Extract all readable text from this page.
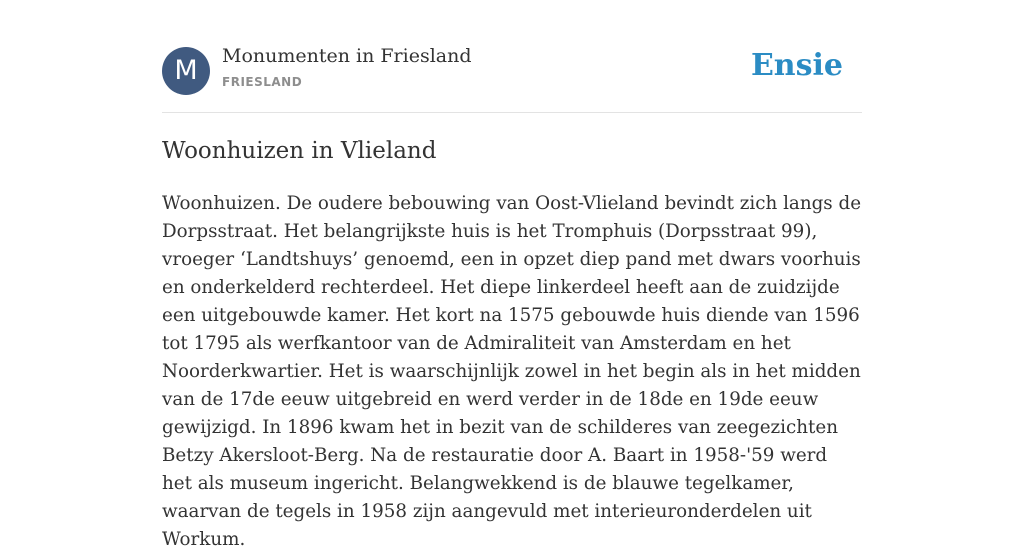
M	Monumenten in Friesland
FRIESLAND	Ensie
Woonhuizen in Vlieland

Woonhuizen. De oudere bebouwing van Oost-Vlieland bevindt zich langs de Dorpsstraat. Het belangrijkste huis is het Tromphuis (Dorpsstraat 99), vroeger ‘Landtshuys’ genoemd, een in opzet diep pand met dwars voorhuis en onderkelderd rechterdeel. Het diepe linkerdeel heeft aan de zuidzijde een uitgebouwde kamer. Het kort na 1575 gebouwde huis diende van 1596 tot 1795 als werfkantoor van de Admiraliteit van Amsterdam en het Noorderkwartier. Het is waarschijnlijk zowel in het begin als in het midden van de 17de eeuw uitgebreid en werd verder in de 18de en 19de eeuw gewijzigd. In 1896 kwam het in bezit van de schilderes van zeegezichten Betzy Akersloot-Berg. Na de restauratie door A. Baart in 1958-'59 werd het als museum ingericht. Belangwekkend is de blauwe tegelkamer, waarvan de tegels in 1958 zijn aangevuld met interieuronderdelen uit Workum.
